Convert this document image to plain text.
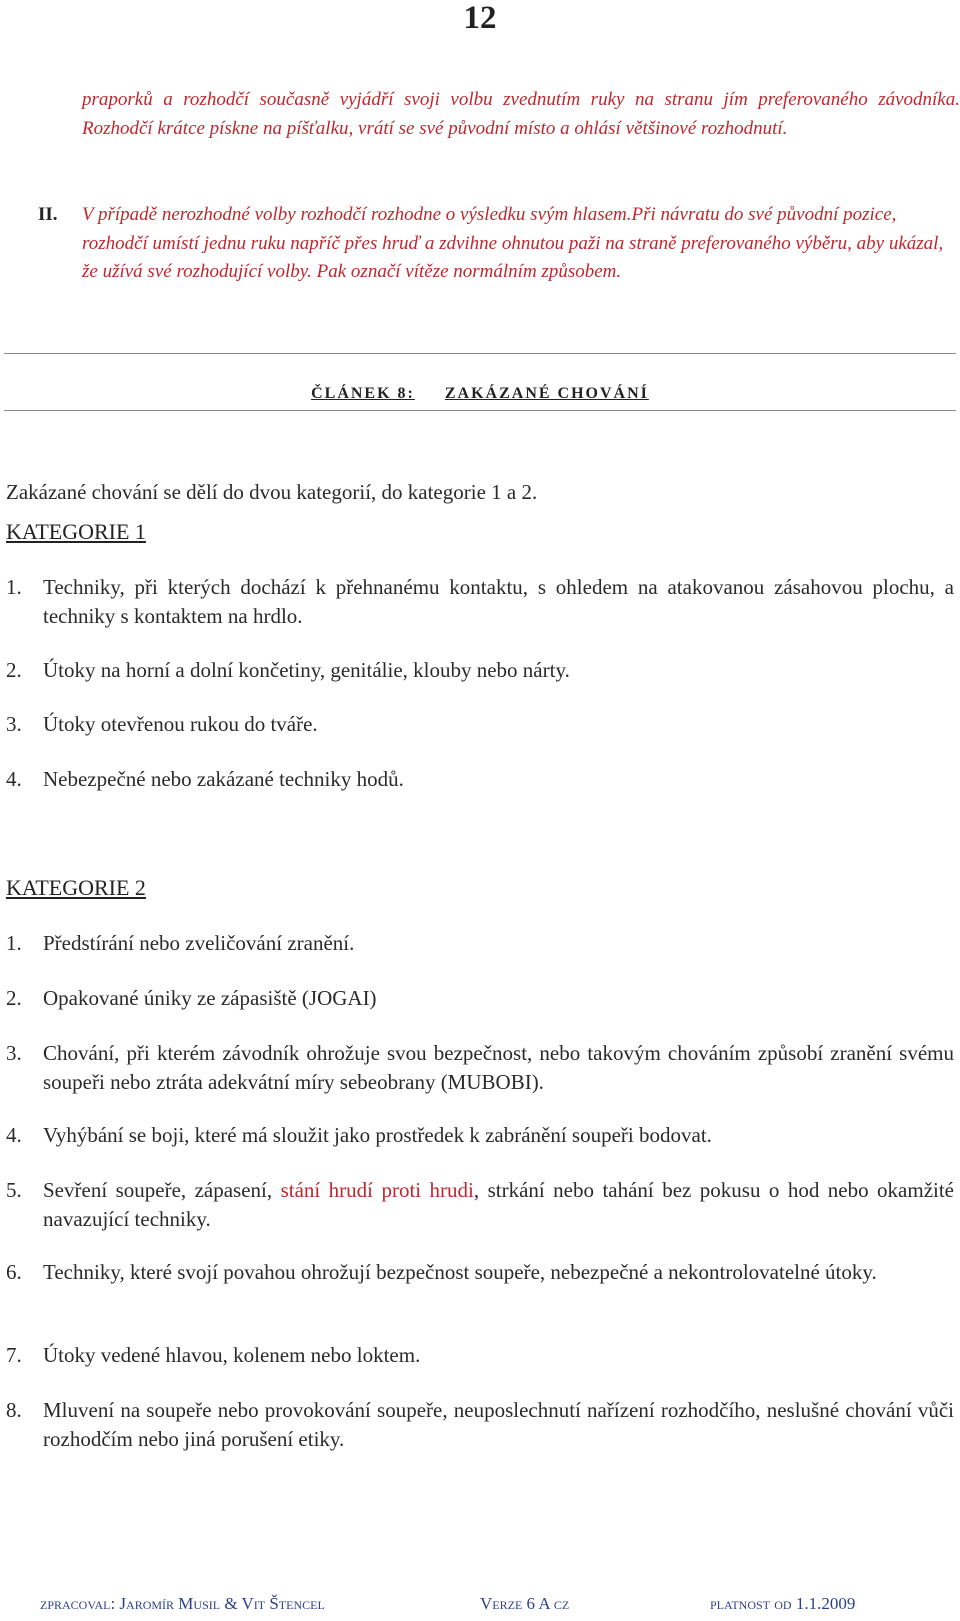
12

praporků a rozhodčí současně vyjádří svoji volbu zvednutím ruky na stranu jím preferovaného závodníka. Rozhodčí krátce pískne na píšťalku, vrátí se své původní místo a ohlásí většinové rozhodnutí.

II. V případě nerozhodné volby rozhodčí rozhodne o výsledku svým hlasem.Při návratu do své původní pozice, rozhodčí umístí jednu ruku napříč přes hruď a zdvihne ohnutou paži na straně preferovaného výběru, aby ukázal, že užívá své rozhodující volby. Pak označí vítěze normálním způsobem.
ČLÁNEK 8: ZAKÁZANÉ CHOVÁNÍ
Zakázané chování se dělí do dvou kategorií, do kategorie 1 a 2.
KATEGORIE 1
1. Techniky, při kterých dochází k přehnanému kontaktu, s ohledem na atakovanou zásahovou plochu, a techniky s kontaktem na hrdlo.
2. Útoky na horní a dolní končetiny, genitálie, klouby nebo nárty.
3. Útoky otevřenou rukou do tváře.
4. Nebezpečné nebo zakázané techniky hodů.
KATEGORIE 2
1. Předstírání nebo zveličování zranění.
2. Opakované úniky ze zápasiště (JOGAI)
3. Chování, při kterém závodník ohrožuje svou bezpečnost, nebo takovým chováním způsobí zranění svému soupeři nebo ztráta adekvátní míry sebeobrany (MUBOBI).
4. Vyhýbání se boji, které má sloužit jako prostředek k zabránění soupeři bodovat.
5. Sevření soupeře, zápasení, stání hrudí proti hrudi, strkání nebo tahání bez pokusu o hod nebo okamžité navazující techniky.
6. Techniky, které svojí povahou ohrožují bezpečnost soupeře, nebezpečné a nekontrolovatelné útoky.
7. Útoky vedené hlavou, kolenem nebo loktem.
8. Mluvení na soupeře nebo provokování soupeře, neuposlechnutí nařízení rozhodčího, neslušné chování vůči rozhodčím nebo jiná porušení etiky.
zpracoval: Jaromír Musil & Vit Štencel	Verze 6 A cz	platnost od 1.1.2009
